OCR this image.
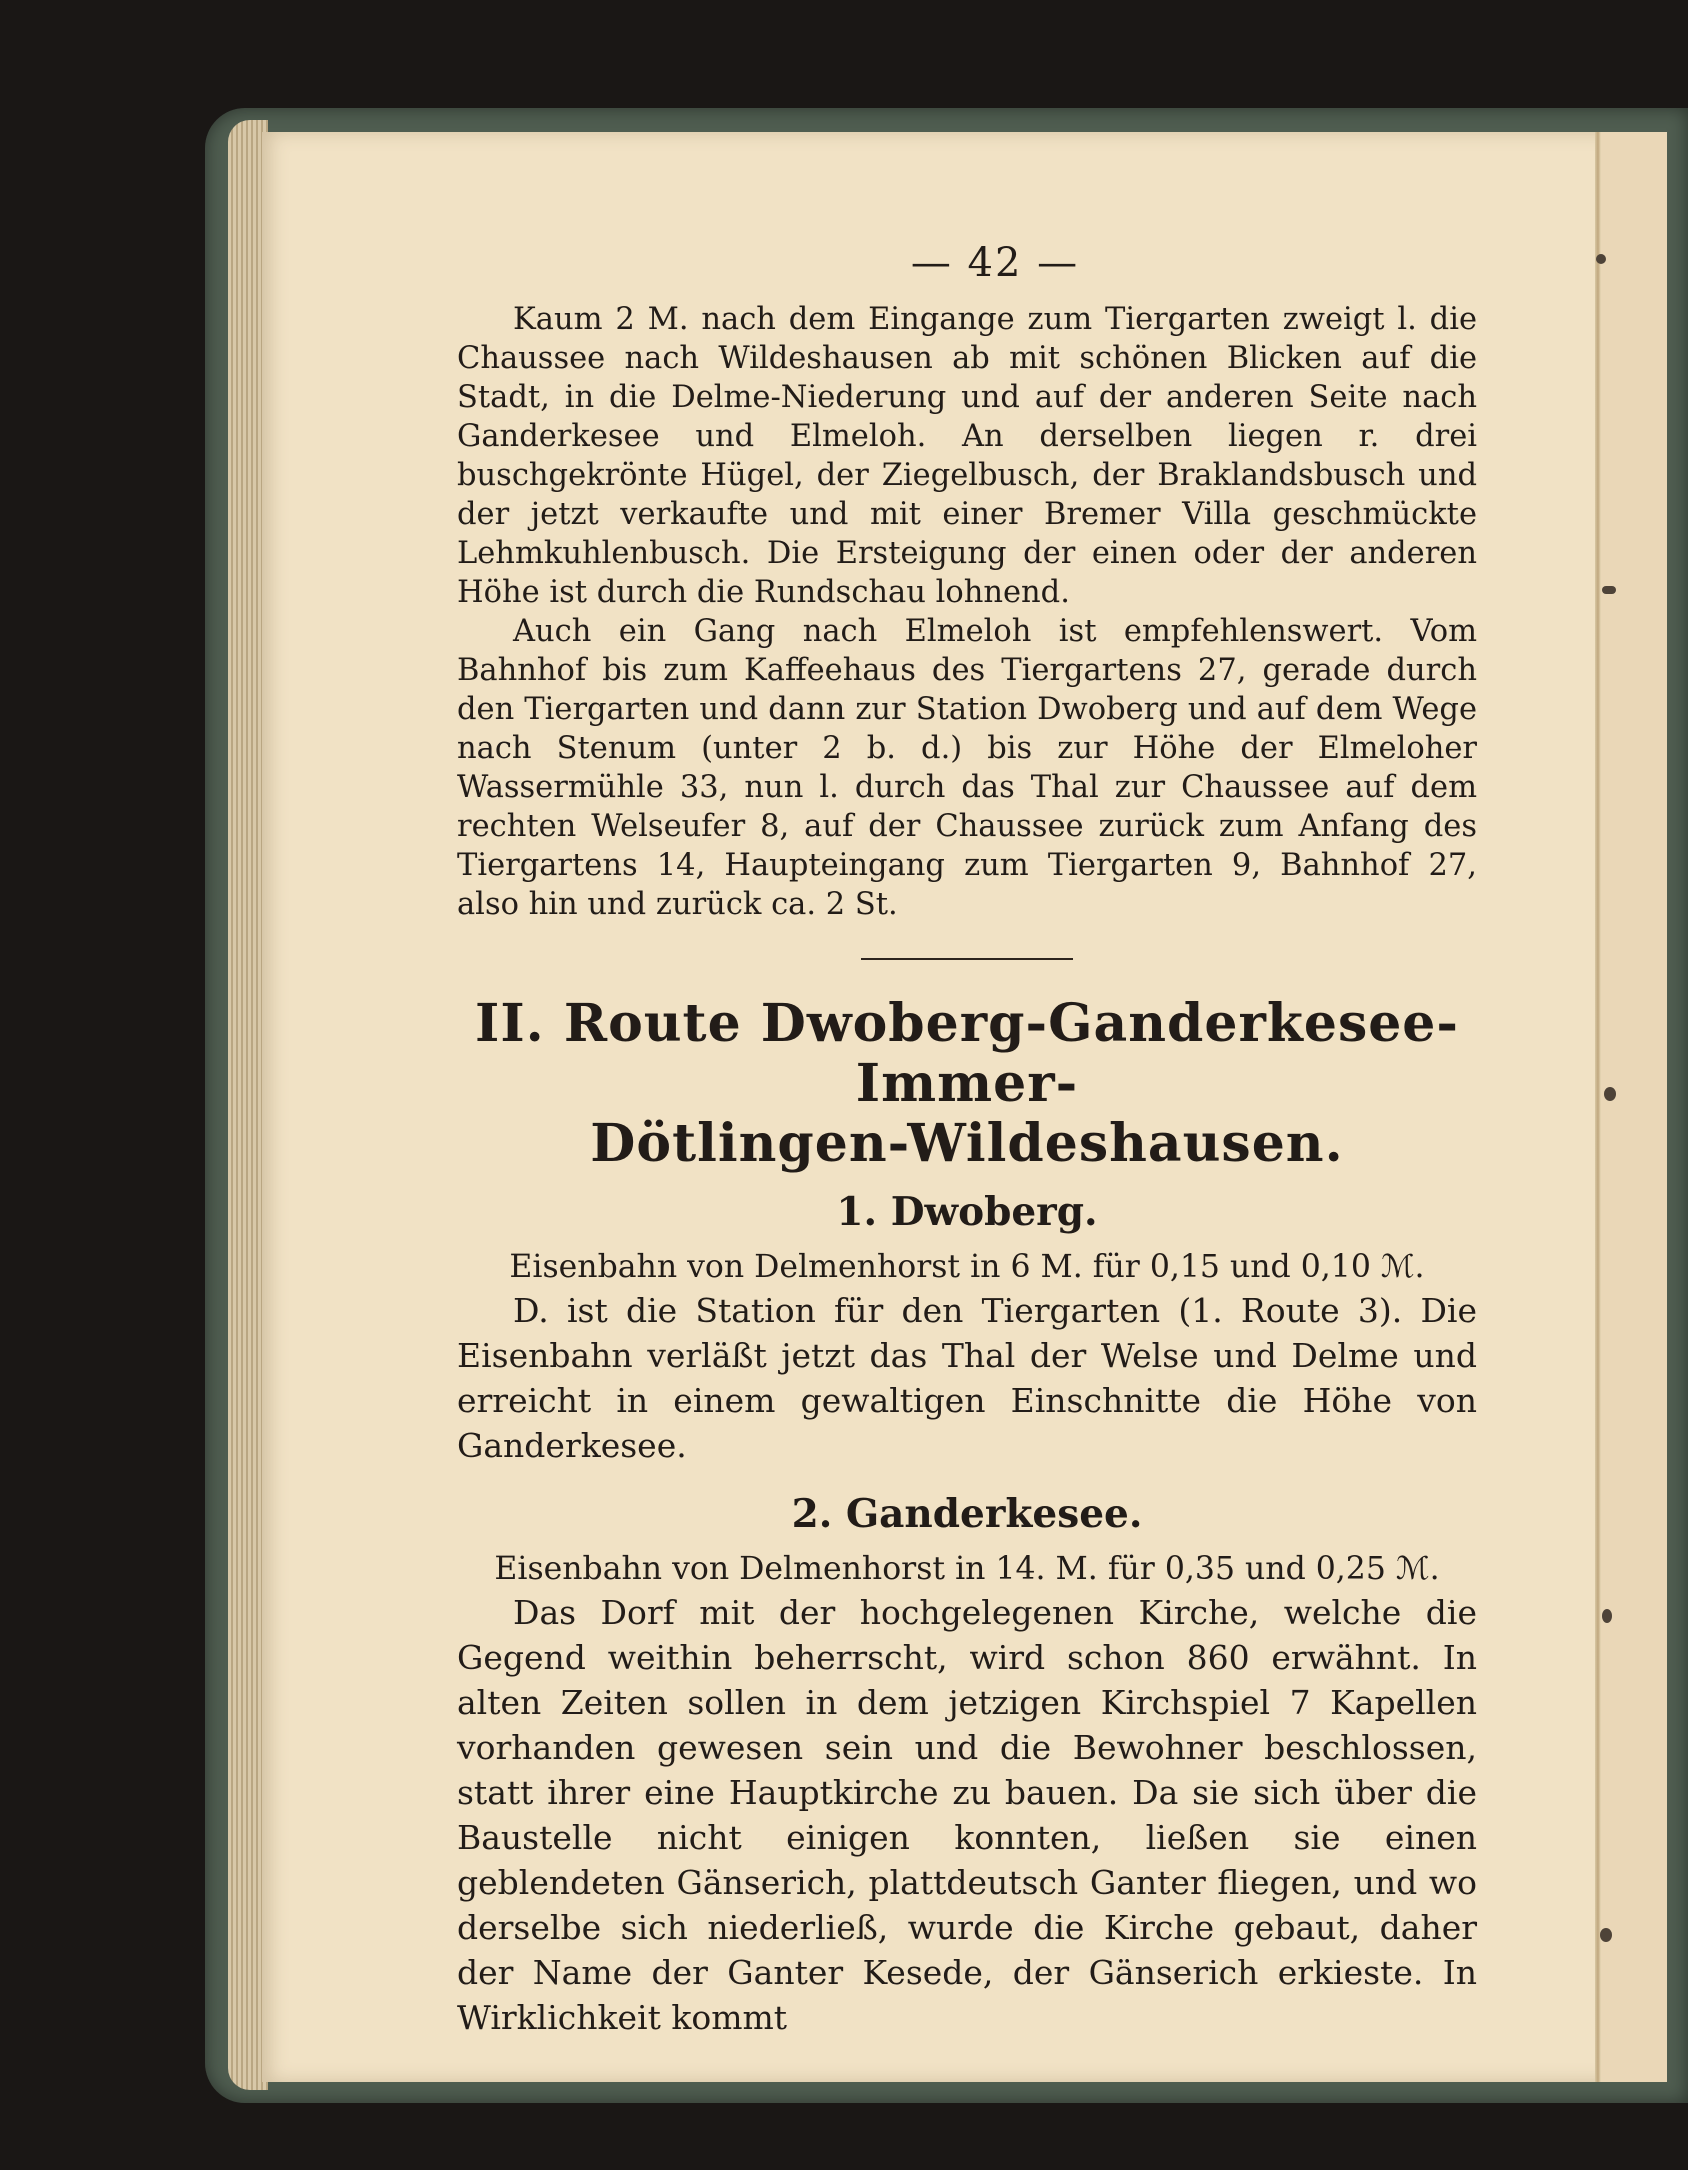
— 42 —

Kaum 2 M. nach dem Eingange zum Tiergarten zweigt l. die Chaussee nach Wildeshausen ab mit schönen Blicken auf die Stadt, in die Delme-Niederung und auf der anderen Seite nach Ganderkesee und Elmeloh. An derselben liegen r. drei buschgekrönte Hügel, der Ziegelbusch, der Braklandsbusch und der jetzt verkaufte und mit einer Bremer Villa geschmückte Lehmkuhlenbusch. Die Ersteigung der einen oder der anderen Höhe ist durch die Rundschau lohnend.

Auch ein Gang nach Elmeloh ist empfehlenswert. Vom Bahnhof bis zum Kaffeehaus des Tiergartens 27, gerade durch den Tiergarten und dann zur Station Dwoberg und auf dem Wege nach Stenum (unter 2 b. d.) bis zur Höhe der Elmeloher Wassermühle 33, nun l. durch das Thal zur Chaussee auf dem rechten Welseufer 8, auf der Chaussee zurück zum Anfang des Tiergartens 14, Haupteingang zum Tiergarten 9, Bahnhof 27, also hin und zurück ca. 2 St.

II. Route Dwoberg-Ganderkesee-Immer-
Dötlingen-Wildeshausen.
1. Dwoberg.

Eisenbahn von Delmenhorst in 6 M. für 0,15 und 0,10 ℳ.

D. ist die Station für den Tiergarten (1. Route 3). Die Eisenbahn verläßt jetzt das Thal der Welse und Delme und erreicht in einem gewaltigen Einschnitte die Höhe von Ganderkesee.

2. Ganderkesee.

Eisenbahn von Delmenhorst in 14. M. für 0,35 und 0,25 ℳ.

Das Dorf mit der hochgelegenen Kirche, welche die Gegend weithin beherrscht, wird schon 860 erwähnt. In alten Zeiten sollen in dem jetzigen Kirchspiel 7 Kapellen vorhanden gewesen sein und die Bewohner beschlossen, statt ihrer eine Hauptkirche zu bauen. Da sie sich über die Baustelle nicht einigen konnten, ließen sie einen geblendeten Gänserich, plattdeutsch Ganter fliegen, und wo derselbe sich niederließ, wurde die Kirche gebaut, daher der Name der Ganter Kesede, der Gänserich erkieste. In Wirklichkeit kommt
